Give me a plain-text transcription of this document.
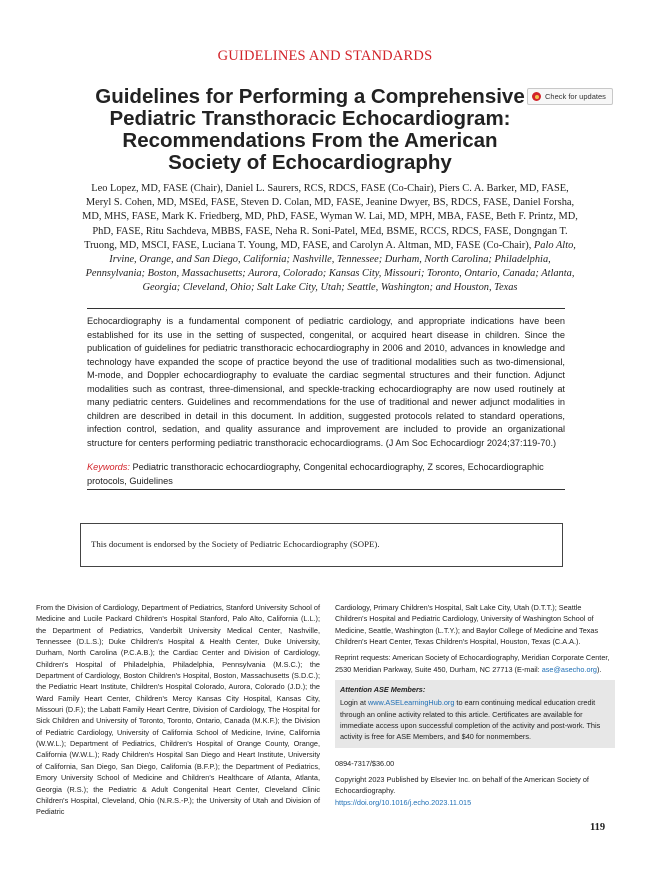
GUIDELINES AND STANDARDS
Guidelines for Performing a Comprehensive Pediatric Transthoracic Echocardiogram: Recommendations From the American Society of Echocardiography
Check for updates
Leo Lopez, MD, FASE (Chair), Daniel L. Saurers, RCS, RDCS, FASE (Co-Chair), Piers C. A. Barker, MD, FASE, Meryl S. Cohen, MD, MSEd, FASE, Steven D. Colan, MD, FASE, Jeanine Dwyer, BS, RDCS, FASE, Daniel Forsha, MD, MHS, FASE, Mark K. Friedberg, MD, PhD, FASE, Wyman W. Lai, MD, MPH, MBA, FASE, Beth F. Printz, MD, PhD, FASE, Ritu Sachdeva, MBBS, FASE, Neha R. Soni-Patel, MEd, BSME, RCCS, RDCS, FASE, Dongngan T. Truong, MD, MSCI, FASE, Luciana T. Young, MD, FASE, and Carolyn A. Altman, MD, FASE (Co-Chair), Palo Alto, Irvine, Orange, and San Diego, California; Nashville, Tennessee; Durham, North Carolina; Philadelphia, Pennsylvania; Boston, Massachusetts; Aurora, Colorado; Kansas City, Missouri; Toronto, Ontario, Canada; Atlanta, Georgia; Cleveland, Ohio; Salt Lake City, Utah; Seattle, Washington; and Houston, Texas

Echocardiography is a fundamental component of pediatric cardiology, and appropriate indications have been established for its use in the setting of suspected, congenital, or acquired heart disease in children. Since the publication of guidelines for pediatric transthoracic echocardiography in 2006 and 2010, advances in knowledge and technology have expanded the scope of practice beyond the use of traditional modalities such as two-dimensional, M-mode, and Doppler echocardiography to evaluate the cardiac segmental structures and their function. Adjunct modalities such as contrast, three-dimensional, and speckle-tracking echocardiography are now used routinely at many pediatric centers. Guidelines and recommendations for the use of traditional and newer adjunct modalities in children are described in detail in this document. In addition, suggested protocols related to standard operations, infection control, sedation, and quality assurance and improvement are included to provide an organizational structure for centers performing pediatric transthoracic echocardiograms. (J Am Soc Echocardiogr 2024;37:119-70.)

Keywords: Pediatric transthoracic echocardiography, Congenital echocardiography, Z scores, Echocardiographic protocols, Guidelines

This document is endorsed by the Society of Pediatric Echocardiography (SOPE).
From the Division of Cardiology, Department of Pediatrics, Stanford University School of Medicine and Lucile Packard Children's Hospital Stanford, Palo Alto, California (L.L.); the Department of Pediatrics, Vanderbilt University Medical Center, Nashville, Tennessee (D.L.S.); Duke Children's Hospital & Health Center, Duke University, Durham, North Carolina (P.C.A.B.); the Cardiac Center and Division of Cardiology, Children's Hospital of Philadelphia, Philadelphia, Pennsylvania (M.S.C.); the Department of Cardiology, Boston Children's Hospital, Boston, Massachusetts (S.D.C.); the Pediatric Heart Institute, Children's Hospital Colorado, Aurora, Colorado (J.D.); the Ward Family Heart Center, Children's Mercy Kansas City Hospital, Kansas City, Missouri (D.F.); the Labatt Family Heart Centre, Division of Cardiology, The Hospital for Sick Children and University of Toronto, Toronto, Ontario, Canada (M.K.F.); the Division of Pediatric Cardiology, University of California School of Medicine, Irvine, California (W.W.L.); Department of Pediatrics, Children's Hospital of Orange County, Orange, California (W.W.L.); Rady Children's Hospital San Diego and Heart Institute, University of California, San Diego, San Diego, California (B.F.P.); the Department of Pediatrics, Emory University School of Medicine and Children's Healthcare of Atlanta, Atlanta, Georgia (R.S.); the Pediatric & Adult Congenital Heart Center, Cleveland Clinic Children's Hospital, Cleveland, Ohio (N.R.S.-P.); the University of Utah and Division of Pediatric

Cardiology, Primary Children's Hospital, Salt Lake City, Utah (D.T.T.); Seattle Children's Hospital and Pediatric Cardiology, University of Washington School of Medicine, Seattle, Washington (L.T.Y.); and Baylor College of Medicine and Texas Children's Heart Center, Texas Children's Hospital, Houston, Texas (C.A.A.).

Reprint requests: American Society of Echocardiography, Meridian Corporate Center, 2530 Meridian Parkway, Suite 450, Durham, NC 27713 (E-mail: ase@asecho.org).

Attention ASE Members:
Login at www.ASELearningHub.org to earn continuing medical education credit through an online activity related to this article. Certificates are available for immediate access upon successful completion of the activity and post-work. This activity is free for ASE Members, and $40 for nonmembers.

0894-7317/$36.00

Copyright 2023 Published by Elsevier Inc. on behalf of the American Society of Echocardiography.
https://doi.org/10.1016/j.echo.2023.11.015

119
